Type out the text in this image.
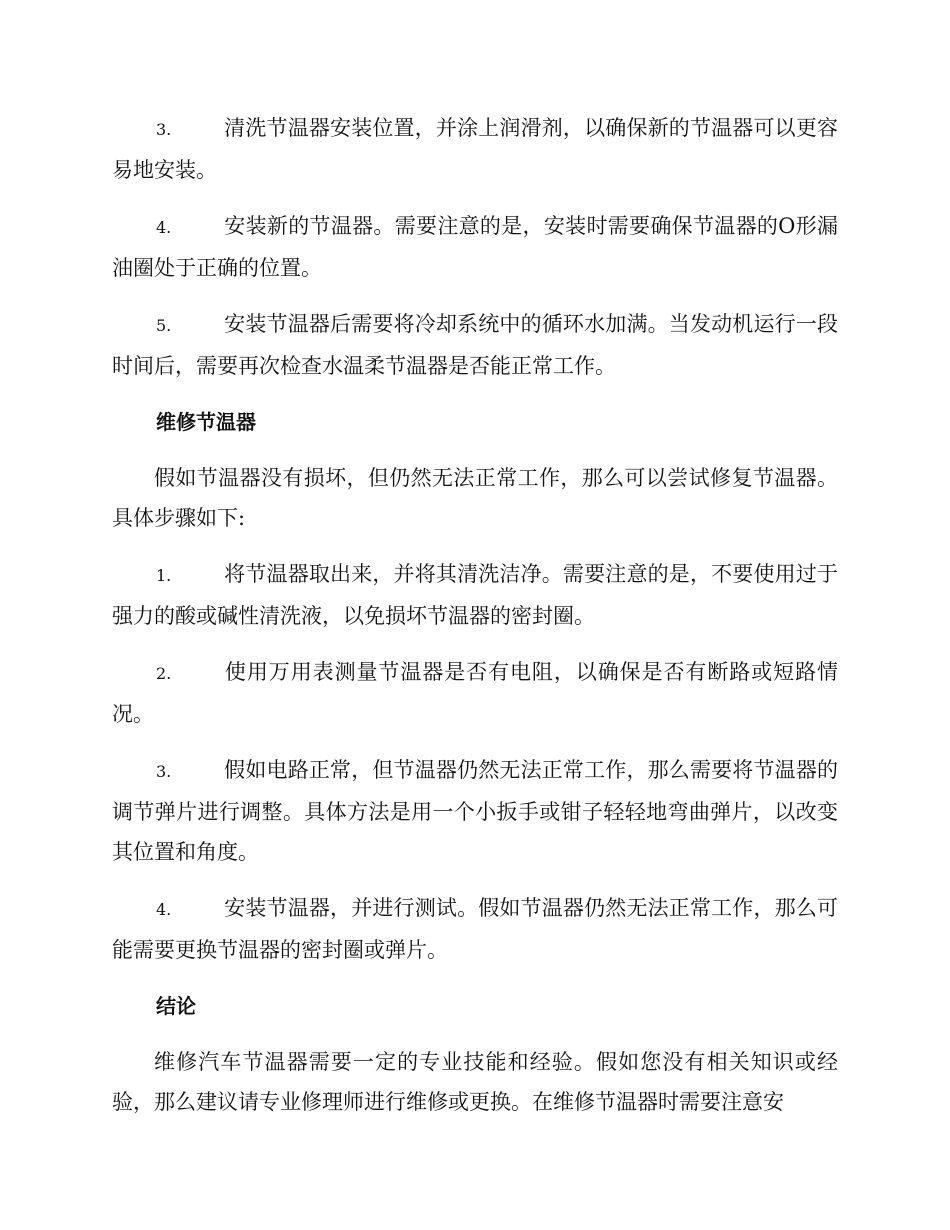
3.	清洗节温器安装位置，并涂上润滑剂，以确保新的节温器可以更容易地安装。

4.	安装新的节温器。需要注意的是，安装时需要确保节温器的O形漏油圈处于正确的位置。

5.	安装节温器后需要将冷却系统中的循环水加满。当发动机运行一段时间后，需要再次检查水温柔节温器是否能正常工作。

维修节温器

假如节温器没有损坏，但仍然无法正常工作，那么可以尝试修复节温器。具体步骤如下:

1.	将节温器取出来，并将其清洗洁净。需要注意的是，不要使用过于强力的酸或碱性清洗液，以免损坏节温器的密封圈。

2.	使用万用表测量节温器是否有电阻，以确保是否有断路或短路情况。

3.	假如电路正常，但节温器仍然无法正常工作，那么需要将节温器的调节弹片进行调整。具体方法是用一个小扳手或钳子轻轻地弯曲弹片，以改变其位置和角度。

4.	安装节温器，并进行测试。假如节温器仍然无法正常工作，那么可能需要更换节温器的密封圈或弹片。

结论

维修汽车节温器需要一定的专业技能和经验。假如您没有相关知识或经验，那么建议请专业修理师进行维修或更换。在维修节温器时需要注意安
